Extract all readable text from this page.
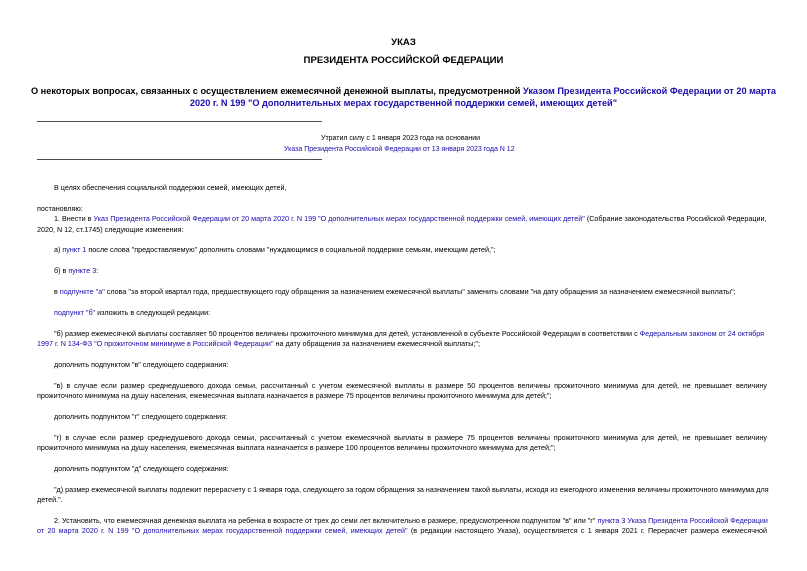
УКАЗ
ПРЕЗИДЕНТА РОССИЙСКОЙ ФЕДЕРАЦИИ
О некоторых вопросах, связанных с осуществлением ежемесячной денежной выплаты, предусмотренной Указом Президента Российской Федерации от 20 марта
2020 г. N 199 "О дополнительных мерах государственной поддержки семей, имеющих детей"
Утратил силу с 1 января 2023 года на основании
Указа Президента Российской Федерации от 13 января 2023 года N 12
В целях обеспечения социальной поддержки семей, имеющих детей,
постановляю:
1. Внести в Указ Президента Российской Федерации от 20 марта 2020 г. N 199 "О дополнительных мерах государственной поддержки семей, имеющих детей" (Собрание законодательства Российской Федерации,
2020, N 12, ст.1745) следующие изменения:
а) пункт 1 после слова "предоставляемую" дополнить словами "нуждающимся в социальной поддержке семьям, имеющим детей,";
б) в пункте 3:
в подпункте "а" слова "за второй квартал года, предшествующего году обращения за назначением ежемесячной выплаты" заменить словами "на дату обращения за назначением ежемесячной выплаты";
подпункт "б" изложить в следующей редакции:
"б) размер ежемесячной выплаты составляет 50 процентов величины прожиточного минимума для детей, установленной в субъекте Российской Федерации в соответствии с Федеральным законом от 24 октября
1997 г. N 134-ФЗ "О прожиточном минимуме в Российской Федерации" на дату обращения за назначением ежемесячной выплаты;";
дополнить подпунктом "в" следующего содержания:
"в) в случае если размер среднедушевого дохода семьи, рассчитанный с учетом ежемесячной выплаты в размере 50 процентов величины прожиточного минимума для детей, не превышает величину
прожиточного минимума на душу населения, ежемесячная выплата назначается в размере 75 процентов величины прожиточного минимума для детей;";
дополнить подпунктом "г" следующего содержания:
"г) в случае если размер среднедушевого дохода семьи, рассчитанный с учетом ежемесячной выплаты в размере 75 процентов величины прожиточного минимума для детей, не превышает величину
прожиточного минимума на душу населения, ежемесячная выплата назначается в размере 100 процентов величины прожиточного минимума для детей;";
дополнить подпунктом "д" следующего содержания:
"д) размер ежемесячной выплаты подлежит перерасчету с 1 января года, следующего за годом обращения за назначением такой выплаты, исходя из ежегодного изменения величины прожиточного минимума для
детей.".
2. Установить, что ежемесячная денежная выплата на ребенка в возрасте от трех до семи лет включительно в размере, предусмотренном подпунктом "в" или "г" пункта 3 Указа Президента Российской Федерации
от 20 марта 2020 г. N 199 "О дополнительных мерах государственной поддержки семей, имеющих детей" (в редакции настоящего Указа), осуществляется с 1 января 2021 г. Перерасчет размера ежемесячной
